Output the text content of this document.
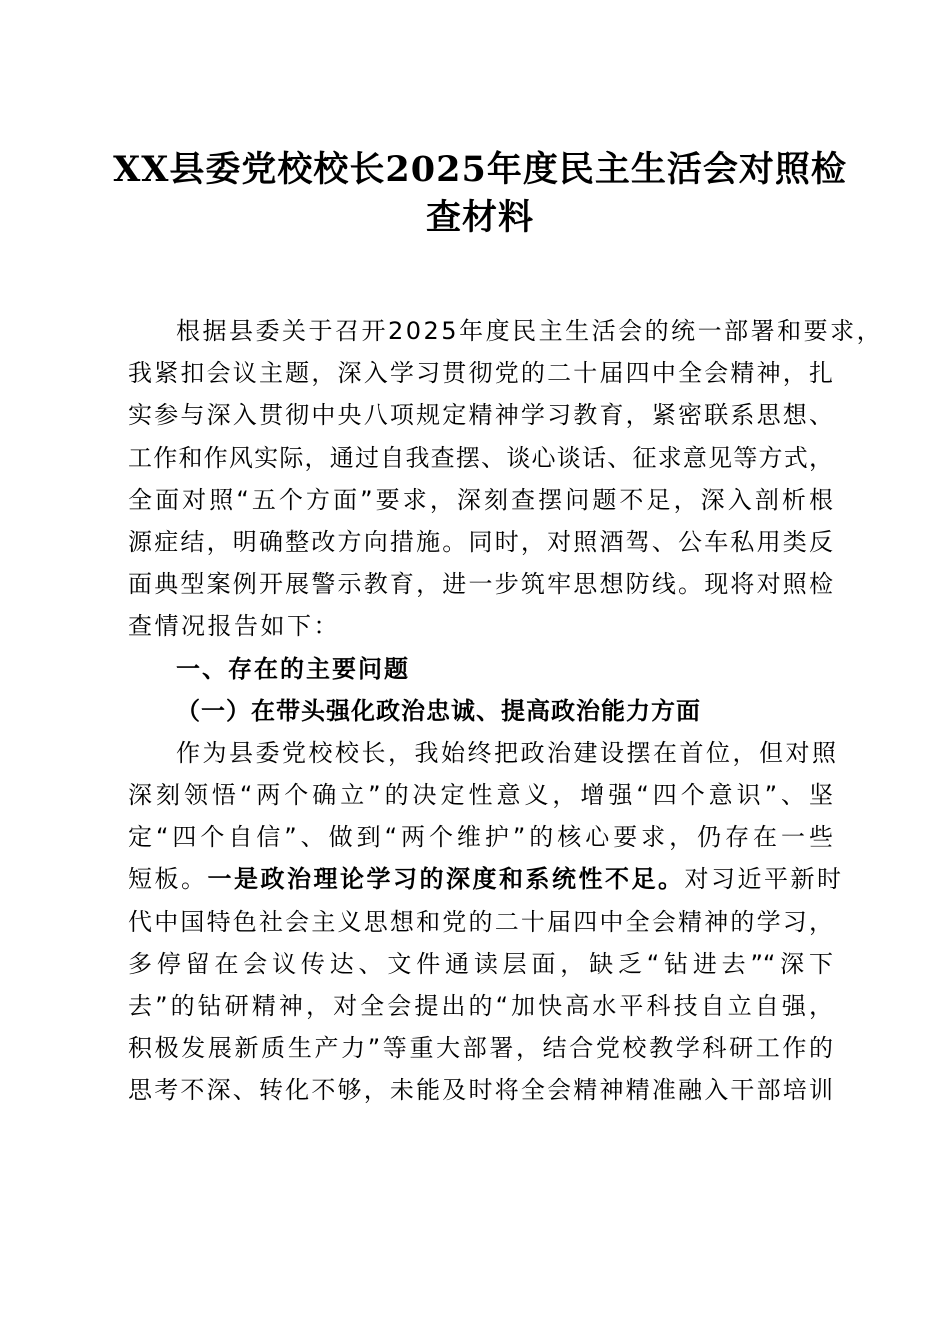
XX县委党校校长2025年度民主生活会对照检
查材料
根据县委关于召开2025年度民主生活会的统一部署和要求，
我紧扣会议主题，深入学习贯彻党的二十届四中全会精神，扎
实参与深入贯彻中央八项规定精神学习教育，紧密联系思想、
工作和作风实际，通过自我查摆、谈心谈话、征求意见等方式，
全面对照“五个方面”要求，深刻查摆问题不足，深入剖析根
源症结，明确整改方向措施。同时，对照酒驾、公车私用类反
面典型案例开展警示教育，进一步筑牢思想防线。现将对照检
查情况报告如下：
一、存在的主要问题
（一）在带头强化政治忠诚、提高政治能力方面
作为县委党校校长，我始终把政治建设摆在首位，但对照
深刻领悟“两个确立”的决定性意义，增强“四个意识”、坚
定“四个自信”、做到“两个维护”的核心要求，仍存在一些
短板。一是政治理论学习的深度和系统性不足。对习近平新时
代中国特色社会主义思想和党的二十届四中全会精神的学习，
多停留在会议传达、文件通读层面，缺乏“钻进去”“深下
去”的钻研精神，对全会提出的“加快高水平科技自立自强，
积极发展新质生产力”等重大部署，结合党校教学科研工作的
思考不深、转化不够，未能及时将全会精神精准融入干部培训
